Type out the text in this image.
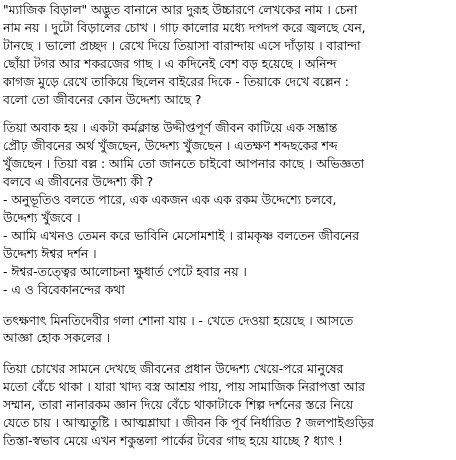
"ম্যাজিক বিড়াল" অদ্ভুত বানানে আর দুরূহ উচ্চারণে লেখকের নাম । চেনা

নাম নয় । দুটো বিড়ালের চোখ । গাঢ় কালোর মধ্যে দপদপ করে জ্বলছে যেন,

টানছে । ভালো প্রচ্ছদ । রেখে দিয়ে তিয়াসা বারান্দায় এসে দাঁড়ায় । বারান্দা

ছোঁয়া টগর আর শকরজের গাছ । এ কদিনেই বেশ বড় হয়েছে । অনিন্দ

কাগজ মুড়ে রেখে তাকিয়ে ছিলেন বাইরের দিকে - তিয়াকে দেখে বল্লেন :

বলো তো জীবনের কোন উদ্দেশ্য আছে ?

তিয়া অবাক হয় । একটা কর্মক্লান্ত উদ্দীপ্তপূর্ণ জীবন কাটিয়ে এক সম্ভ্রান্ত

প্রৌঢ় জীবনের অর্থ খুঁজছেন, উদ্দেশ্য খুঁজছেন । এতক্ষণ শব্দছকের শব্দ

খুঁজছেন । তিয়া বল্ল : আমি তো জানতে চাইবো আপনার কাছে । অভিজ্ঞতা

বলবে এ জীবনের উদ্দেশ্য কী ?

- অনুভূতিও বলতে পারে, এক একজন এক এক রকম উদ্দেশ্যে চলবে,

উদ্দেশ্য খুঁজবে ।

- আমি এখনও তেমন করে ভাবিনি মেসোমশাই । রামকৃষ্ণ বলতেন জীবনের

উদ্দেশ্য ঈশ্বর দর্শন ।

- ঈশ্বর-তত্ত্বের আলোচনা ক্ষুধার্ত পেটে হবার নয় ।

- এ ও বিবেকানন্দের কথা

তৎক্ষণাৎ মিনতিদেবীর গলা শোনা যায় । - খেতে দেওয়া হয়েছে । আসতে

আজ্ঞা হোক সকলের ।

তিয়া চোখের সামনে দেখছে জীবনের প্রধান উদ্দেশ্য খেয়ে-পরে মানুষের

মতো বেঁচে থাকা । যারা খাদ্য বস্ত্র আশ্রয় পায়, পায় সামাজিক নিরাপত্তা আর

সম্মান, তারা নানারকম জ্ঞান দিয়ে বেঁচে থাকাটাকে শিল্প দর্শনের স্তরে নিয়ে

যেতে চায় । আত্মতুষ্টি । আত্মশ্লাঘা । জীবন কি পূর্ব নির্ধারিত ? জলপাইগুড়ির

তিস্তা-স্বভাব মেয়ে এখন শকুন্তলা পার্কের টবের গাছ হয়ে যাচ্ছে ? ধ্যাৎ !
